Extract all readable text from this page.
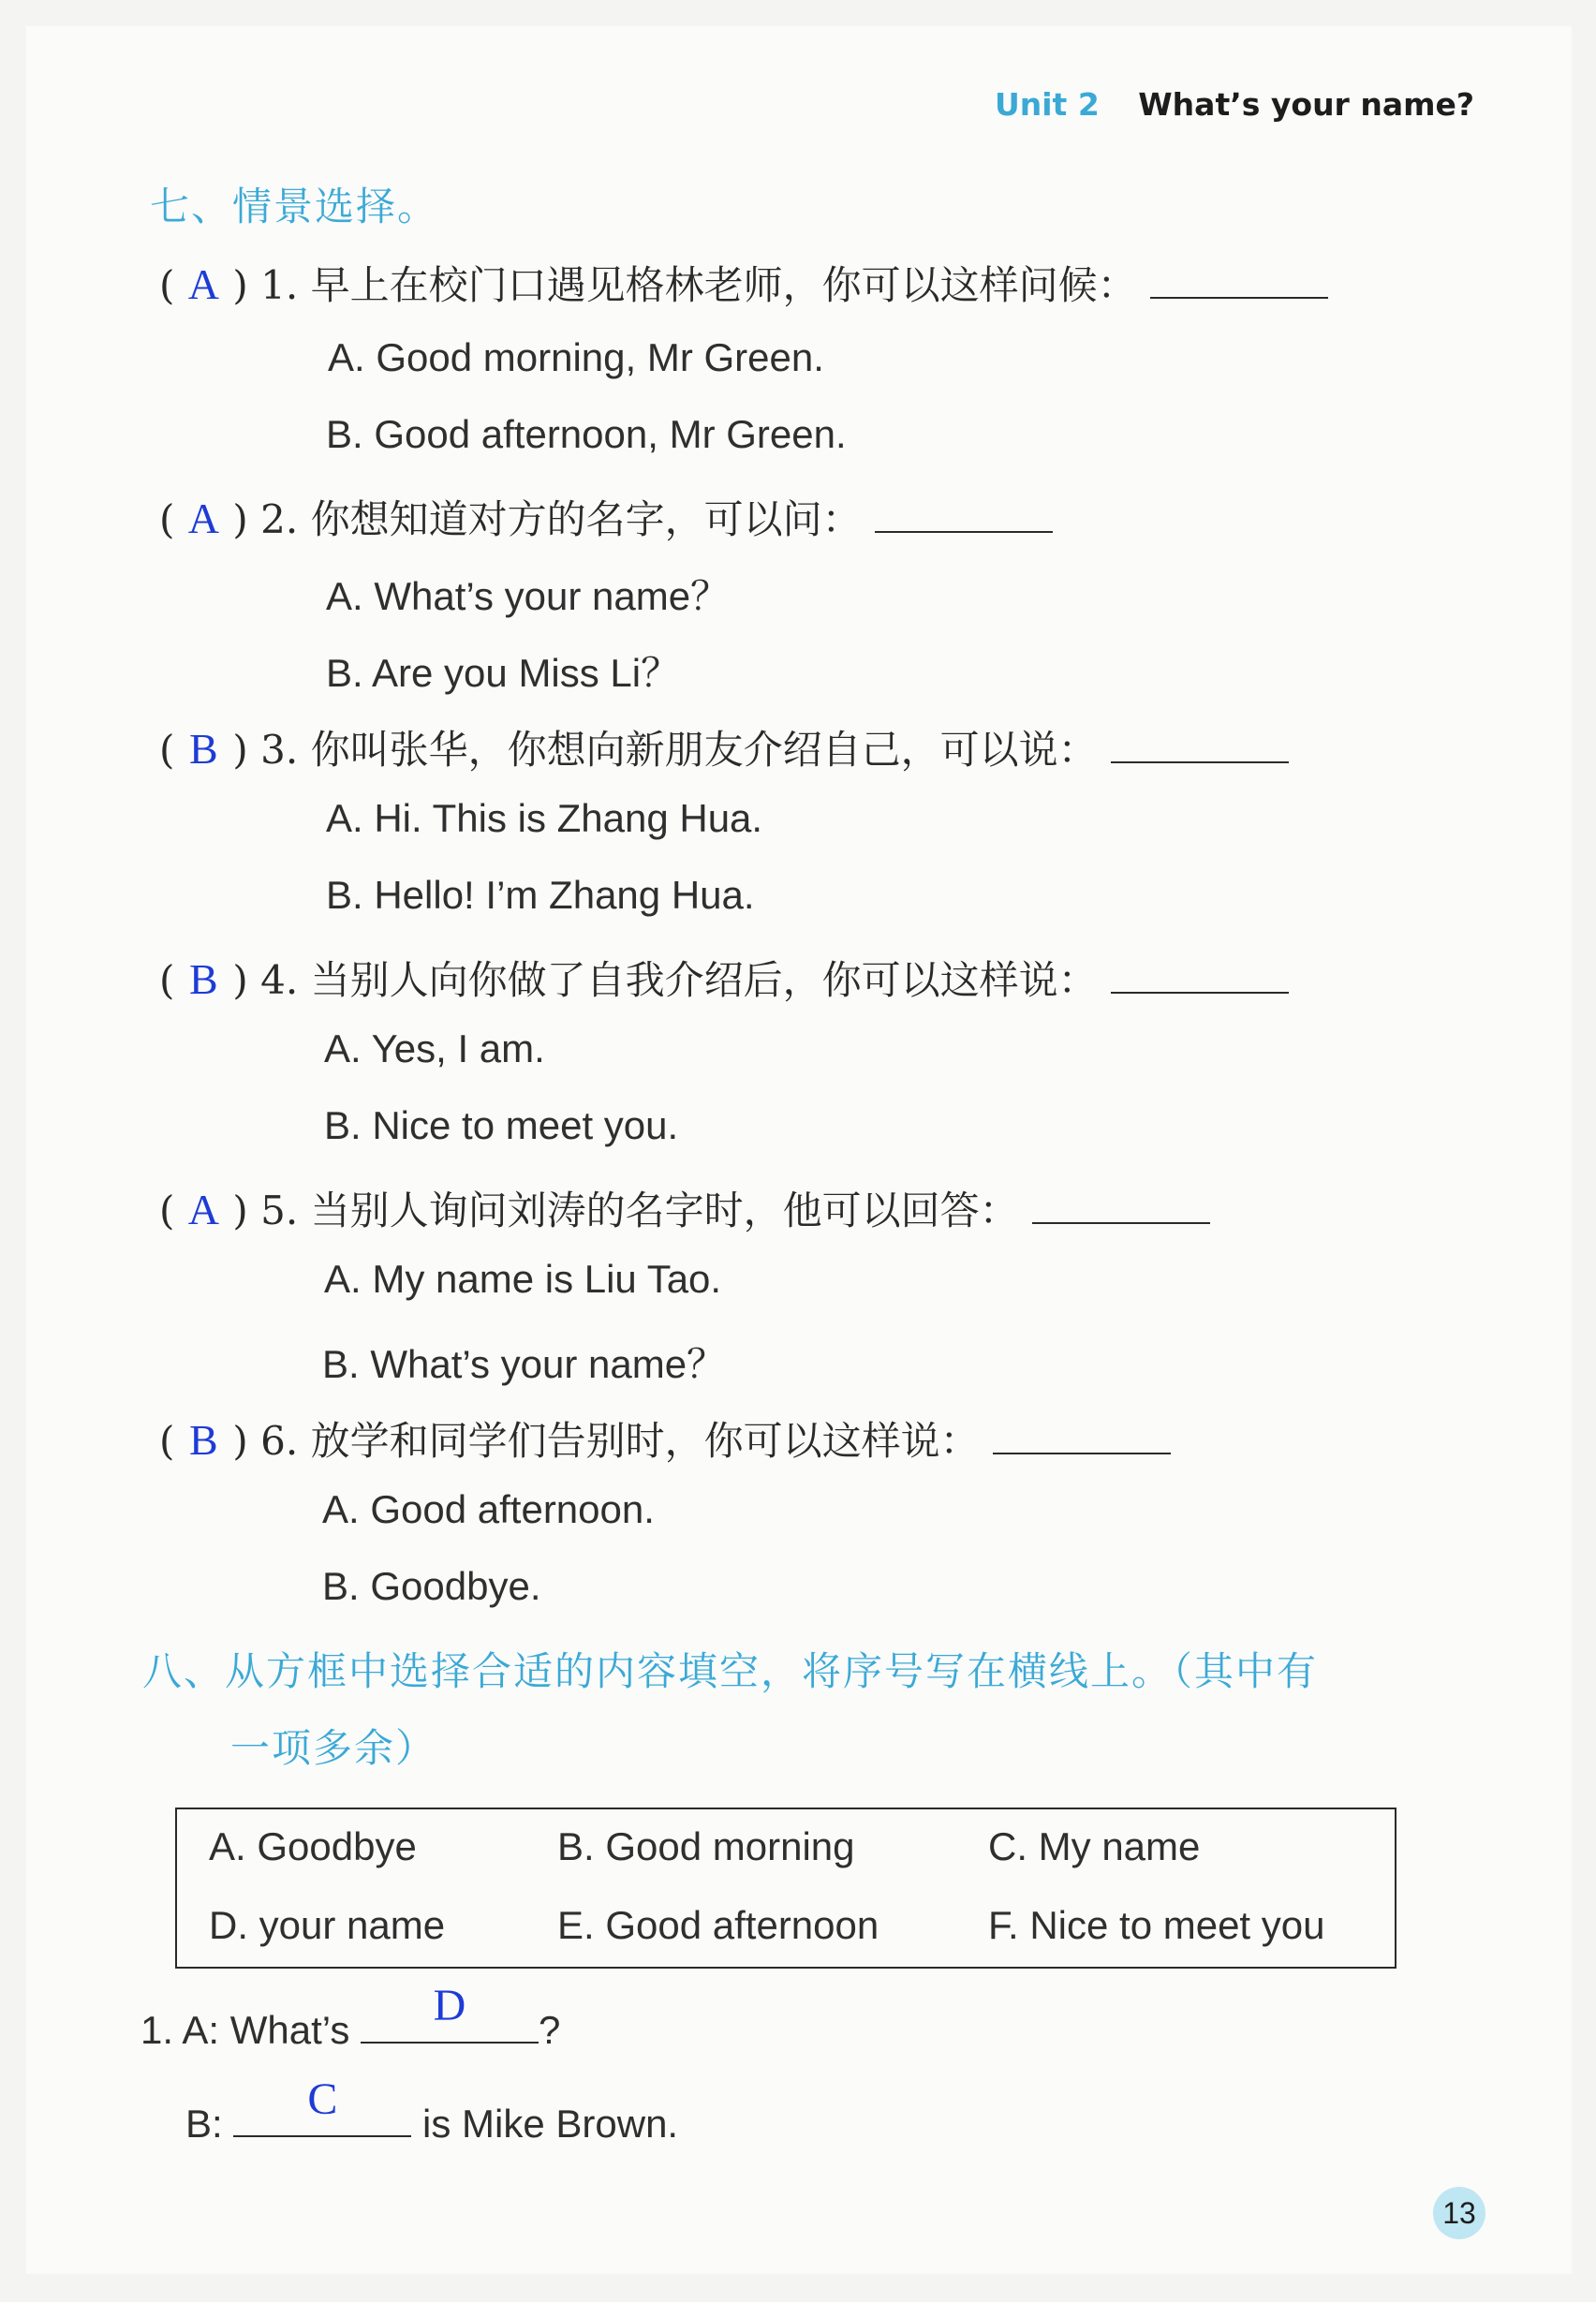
Unit 2 What’s your name?
七、情景选择。
( A ) 1. 早上在校门口遇见格林老师，你可以这样问候：
A. Good morning, Mr Green.
B. Good afternoon, Mr Green.
( A ) 2. 你想知道对方的名字，可以问：
A. What’s your name？
B. Are you Miss Li？
( B ) 3. 你叫张华，你想向新朋友介绍自己，可以说：
A. Hi. This is Zhang Hua.
B. Hello! I’m Zhang Hua.
( B ) 4. 当别人向你做了自我介绍后，你可以这样说：
A. Yes, I am.
B. Nice to meet you.
( A ) 5. 当别人询问刘涛的名字时，他可以回答：
A. My name is Liu Tao.
B. What’s your name？
( B ) 6. 放学和同学们告别时，你可以这样说：
A. Good afternoon.
B. Goodbye.
八、从方框中选择合适的内容填空，将序号写在横线上。（其中有
一项多余）
A. Goodbye	B. Good morning	C. My name
D. your name	E. Good afternoon	F. Nice to meet you
1. A: What’s	D	?
B:	C	is Mike Brown.
13
